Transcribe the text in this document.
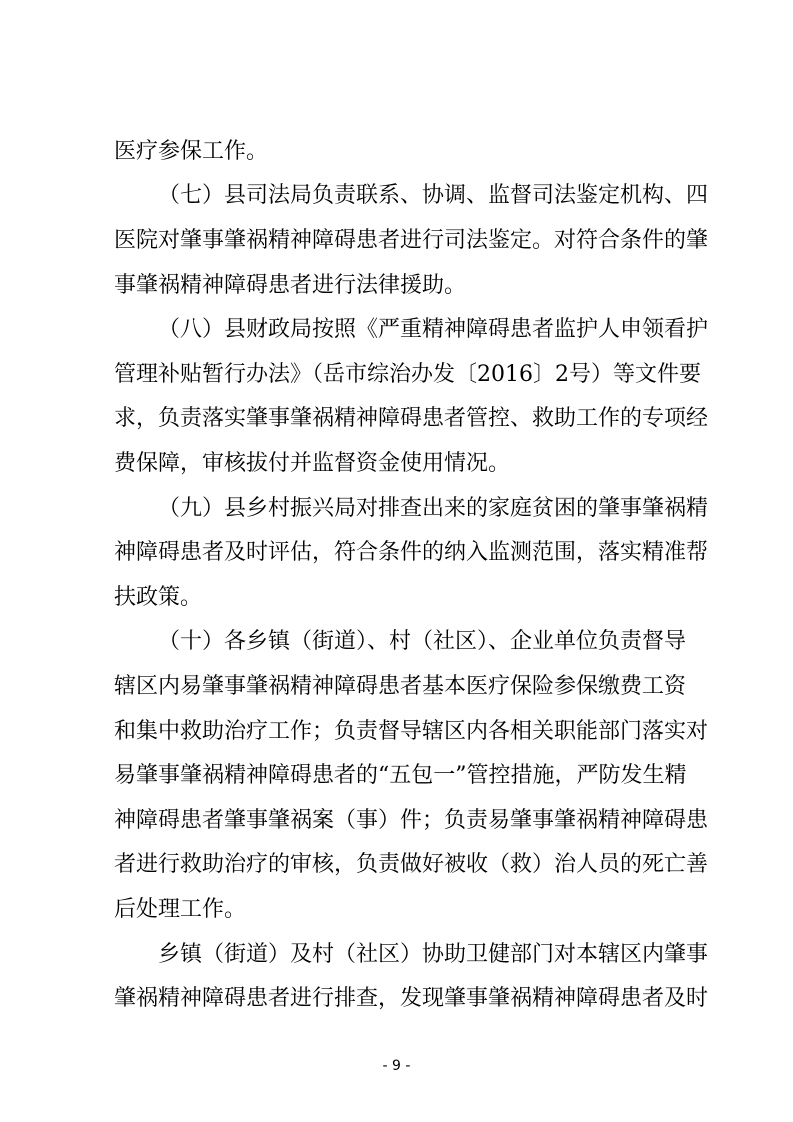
医疗参保工作。
（七）县司法局负责联系、协调、监督司法鉴定机构、四
医院对肇事肇祸精神障碍患者进行司法鉴定。对符合条件的肇
事肇祸精神障碍患者进行法律援助。
（八）县财政局按照《严重精神障碍患者监护人申领看护
管理补贴暂行办法》（岳市综治办发〔2016〕2号）等文件要
求，负责落实肇事肇祸精神障碍患者管控、救助工作的专项经
费保障，审核拔付并监督资金使用情况。
（九）县乡村振兴局对排查出来的家庭贫困的肇事肇祸精
神障碍患者及时评估，符合条件的纳入监测范围，落实精准帮
扶政策。
（十）各乡镇（街道）、村（社区）、企业单位负责督导
辖区内易肇事肇祸精神障碍患者基本医疗保险参保缴费工资
和集中救助治疗工作；负责督导辖区内各相关职能部门落实对
易肇事肇祸精神障碍患者的“五包一”管控措施，严防发生精
神障碍患者肇事肇祸案（事）件；负责易肇事肇祸精神障碍患
者进行救助治疗的审核，负责做好被收（救）治人员的死亡善
后处理工作。
乡镇（街道）及村（社区）协助卫健部门对本辖区内肇事
肇祸精神障碍患者进行排查，发现肇事肇祸精神障碍患者及时
- 9 -
